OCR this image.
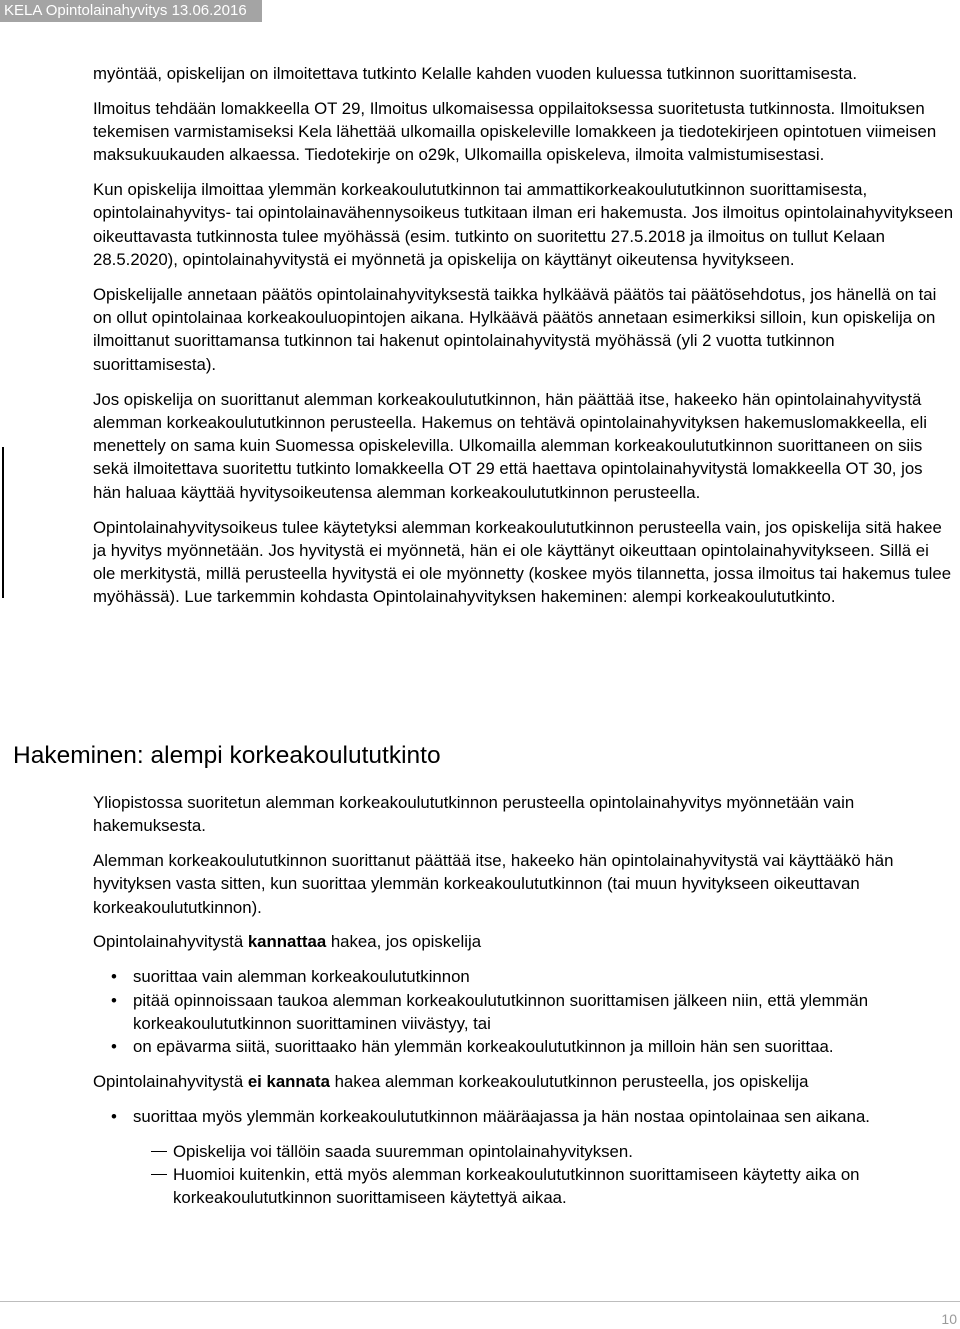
KELA Opintolainahyvitys 13.06.2016

myöntää, opiskelijan on ilmoitettava tutkinto Kelalle kahden vuoden kuluessa tutkinnon suorittamisesta.

Ilmoitus tehdään lomakkeella OT 29, Ilmoitus ulkomaisessa oppilaitoksessa suoritetusta tutkinnosta. Ilmoituksen tekemisen varmistamiseksi Kela lähettää ulkomailla opiskeleville lomakkeen ja tiedotekirjeen opintotuen viimeisen maksukuukauden alkaessa. Tiedotekirje on o29k, Ulkomailla opiskeleva, ilmoita valmistumisestasi.

Kun opiskelija ilmoittaa ylemmän korkeakoulututkinnon tai ammattikorkeakoulututkinnon suorittamisesta, opintolainahyvitys- tai opintolainavähennysoikeus tutkitaan ilman eri hakemusta. Jos ilmoitus opintolainahyvitykseen oikeuttavasta tutkinnosta tulee myöhässä (esim. tutkinto on suoritettu 27.5.2018 ja ilmoitus on tullut Kelaan 28.5.2020), opintolainahyvitystä ei myönnetä ja opiskelija on käyttänyt oikeutensa hyvitykseen.

Opiskelijalle annetaan päätös opintolainahyvityksestä taikka hylkäävä päätös tai päätösehdotus, jos hänellä on tai on ollut opintolainaa korkeakouluopintojen aikana. Hylkäävä päätös annetaan esimerkiksi silloin, kun opiskelija on ilmoittanut suorittamansa tutkinnon tai hakenut opintolainahyvitystä myöhässä (yli 2 vuotta tutkinnon suorittamisesta).

Jos opiskelija on suorittanut alemman korkeakoulututkinnon, hän päättää itse, hakeeko hän opintolainahyvitystä alemman korkeakoulututkinnon perusteella. Hakemus on tehtävä opintolainahyvityksen hakemuslomakkeella, eli menettely on sama kuin Suomessa opiskelevilla. Ulkomailla alemman korkeakoulututkinnon suorittaneen on siis sekä ilmoitettava suoritettu tutkinto lomakkeella OT 29 että haettava opintolainahyvitystä lomakkeella OT 30, jos hän haluaa käyttää hyvitysoikeutensa alemman korkeakoulututkinnon perusteella.

Opintolainahyvitysoikeus tulee käytetyksi alemman korkeakoulututkinnon perusteella vain, jos opiskelija sitä hakee ja hyvitys myönnetään. Jos hyvitystä ei myönnetä, hän ei ole käyttänyt oikeuttaan opintolainahyvitykseen. Sillä ei ole merkitystä, millä perusteella hyvitystä ei ole myönnetty (koskee myös tilannetta, jossa ilmoitus tai hakemus tulee myöhässä). Lue tarkemmin kohdasta Opintolainahyvityksen hakeminen: alempi korkeakoulututkinto.

Hakeminen: alempi korkeakoulututkinto

Yliopistossa suoritetun alemman korkeakoulututkinnon perusteella opintolainahyvitys myönnetään vain hakemuksesta.

Alemman korkeakoulututkinnon suorittanut päättää itse, hakeeko hän opintolainahyvitystä vai käyttääkö hän hyvityksen vasta sitten, kun suorittaa ylemmän korkeakoulututkinnon (tai muun hyvitykseen oikeuttavan korkeakoulututkinnon).

Opintolainahyvitystä kannattaa hakea, jos opiskelija

• suorittaa vain alemman korkeakoulututkinnon
• pitää opinnoissaan taukoa alemman korkeakoulututkinnon suorittamisen jälkeen niin, että ylemmän korkeakoulututkinnon suorittaminen viivästyy, tai
• on epävarma siitä, suorittaako hän ylemmän korkeakoulututkinnon ja milloin hän sen suorittaa.

Opintolainahyvitystä ei kannata hakea alemman korkeakoulututkinnon perusteella, jos opiskelija

• suorittaa myös ylemmän korkeakoulututkinnon määräajassa ja hän nostaa opintolainaa sen aikana.
Opiskelija voi tällöin saada suuremman opintolainahyvityksen.
Huomioi kuitenkin, että myös alemman korkeakoulututkinnon suorittamiseen käytetty aika on korkeakoulututkinnon suorittamiseen käytettyä aikaa.
10
